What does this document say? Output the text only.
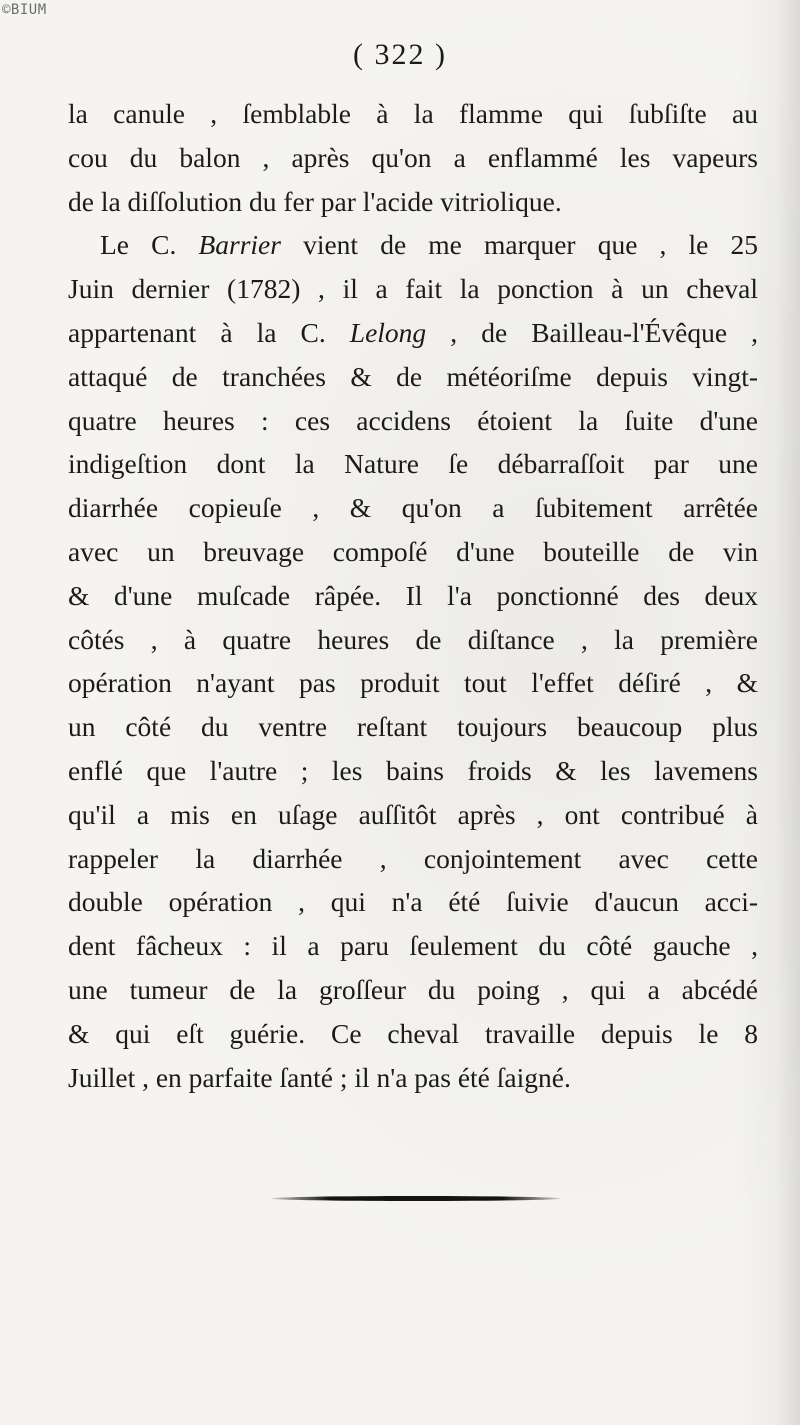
©BIUM
( 322 )
la canule , ſemblable à la flamme qui ſubſiſte au
cou du balon , après qu'on a enflammé les vapeurs
de la diſſolution du fer par l'acide vitriolique.
Le C. Barrier vient de me marquer que , le 25
Juin dernier (1782) , il a fait la ponction à un cheval
appartenant à la C. Lelong , de Bailleau-l'Évêque ,
attaqué de tranchées & de météoriſme depuis vingt-
quatre heures : ces accidens étoient la ſuite d'une
indigeſtion dont la Nature ſe débarraſſoit par une
diarrhée copieuſe , & qu'on a ſubitement arrêtée
avec un breuvage compoſé d'une bouteille de vin
& d'une muſcade râpée. Il l'a ponctionné des deux
côtés , à quatre heures de diſtance , la première
opération n'ayant pas produit tout l'effet déſiré , &
un côté du ventre reſtant toujours beaucoup plus
enflé que l'autre ; les bains froids & les lavemens
qu'il a mis en uſage auſſitôt après , ont contribué à
rappeler la diarrhée , conjointement avec cette
double opération , qui n'a été ſuivie d'aucun acci-
dent fâcheux : il a paru ſeulement du côté gauche ,
une tumeur de la groſſeur du poing , qui a abcédé
& qui eſt guérie. Ce cheval travaille depuis le 8
Juillet , en parfaite ſanté ; il n'a pas été ſaigné.
